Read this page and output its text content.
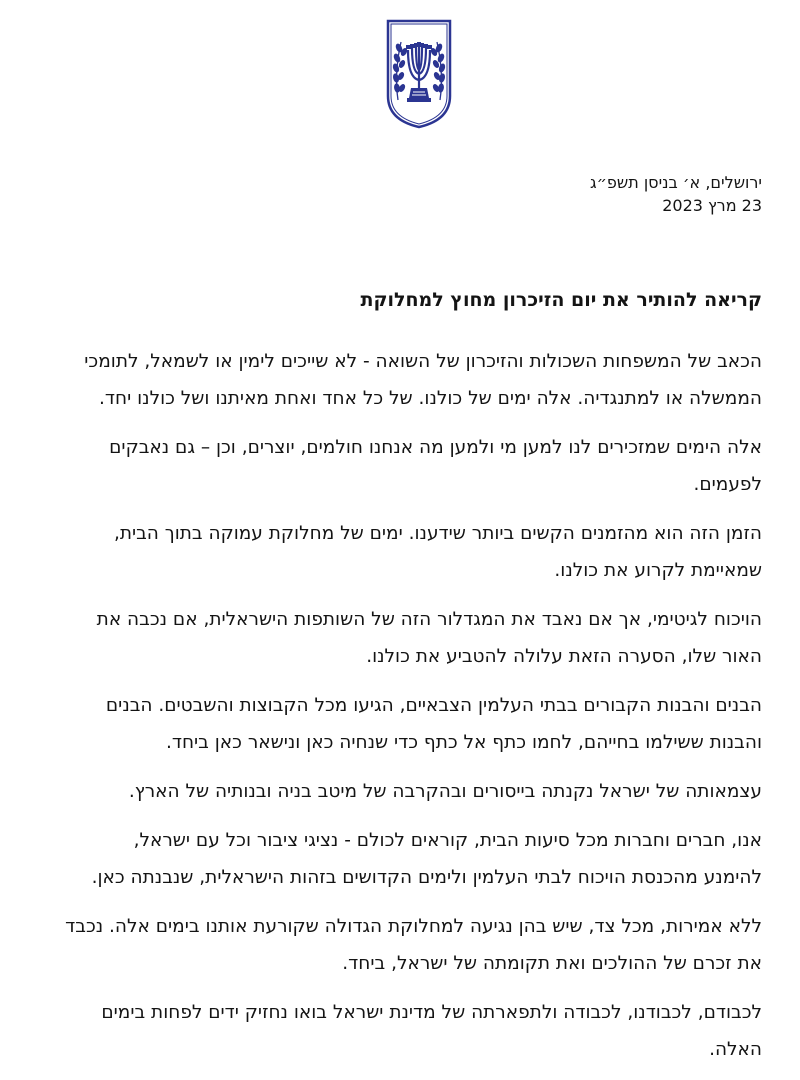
ירושלים, א׳ בניסן תשפ״ג
23 מרץ 2023
קריאה להותיר את יום הזיכרון מחוץ למחלוקת
הכאב של המשפחות השכולות והזיכרון של השואה - לא שייכים לימין או לשמאל, לתומכי
הממשלה או למתנגדיה. אלה ימים של כולנו. של כל אחד ואחת מאיתנו ושל כולנו יחד.
אלה הימים שמזכירים לנו למען מי ולמען מה אנחנו חולמים, יוצרים, וכן – גם נאבקים
לפעמים.
הזמן הזה הוא מהזמנים הקשים ביותר שידענו. ימים של מחלוקת עמוקה בתוך הבית,
שמאיימת לקרוע את כולנו.
הויכוח לגיטימי, אך אם נאבד את המגדלור הזה של השותפות הישראלית, אם נכבה את
האור שלו, הסערה הזאת עלולה להטביע את כולנו.
הבנים והבנות הקבורים בבתי העלמין הצבאיים, הגיעו מכל הקבוצות והשבטים. הבנים
והבנות ששילמו בחייהם, לחמו כתף אל כתף כדי שנחיה כאן ונישאר כאן ביחד.
עצמאותה של ישראל נקנתה בייסורים ובהקרבה של מיטב בניה ובנותיה של הארץ.
אנו, חברים וחברות מכל סיעות הבית, קוראים לכולם - נציגי ציבור וכל עם ישראל,
להימנע מהכנסת הויכוח לבתי העלמין ולימים הקדושים בזהות הישראלית, שנבנתה כאן.
ללא אמירות, מכל צד, שיש בהן נגיעה למחלוקת הגדולה שקורעת אותנו בימים אלה. נכבד
את זכרם של ההולכים ואת תקומתה של ישראל, ביחד.
לכבודם, לכבודנו, לכבודה ולתפארתה של מדינת ישראל בואו נחזיק ידים לפחות בימים
האלה.
